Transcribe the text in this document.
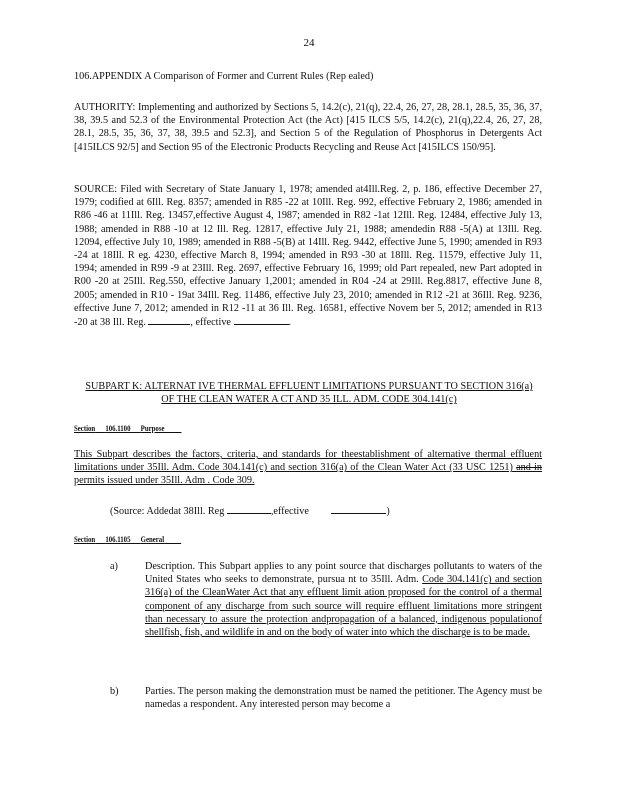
24
106.APPENDIX A Comparison of Former and Current Rules (Rep ealed)
AUTHORITY: Implementing and authorized by Sections 5, 14.2(c), 21(q), 22.4, 26, 27, 28, 28.1, 28.5, 35, 36, 37, 38, 39.5 and 52.3 of the Environmental Protection Act (the Act) [415 ILCS 5/5, 14.2(c), 21(q),22.4, 26, 27, 28, 28.1, 28.5, 35, 36, 37, 38, 39.5 and 52.3], and Section 5 of the Regulation of Phosphorus in Detergents Act [415ILCS 92/5] and Section 95 of the Electronic Products Recycling and Reuse Act [415ILCS 150/95].
SOURCE: Filed with Secretary of State January 1, 1978; amended at4Ill.Reg. 2, p. 186, effective December 27, 1979; codified at 6Ill. Reg. 8357; amended in R85 -22 at 10Ill. Reg. 992, effective February 2, 1986; amended in R86 -46 at 11Ill. Reg. 13457,effective August 4, 1987; amended in R82 -1at 12Ill. Reg. 12484, effective July 13, 1988; amended in R88 -10 at 12 Ill. Reg. 12817, effective July 21, 1988; amendedin R88 -5(A) at 13Ill. Reg. 12094, effective July 10, 1989; amended in R88 -5(B) at 14Ill. Reg. 9442, effective June 5, 1990; amended in R93 -24 at 18Ill. R eg. 4230, effective March 8, 1994; amended in R93 -30 at 18Ill. Reg. 11579, effective July 11, 1994; amended in R99 -9 at 23Ill. Reg. 2697, effective February 16, 1999; old Part repealed, new Part adopted in R00 -20 at 25Ill. Reg.550, effective January 1,2001; amended in R04 -24 at 29Ill. Reg.8817, effective June 8, 2005; amended in R10 - 19at 34Ill. Reg. 11486, effective July 23, 2010; amended in R12 -21 at 36Ill. Reg. 9236, effective June 7, 2012; amended in R12 -11 at 36 Ill. Reg. 16581, effective Novem ber 5, 2012; amended in R13 -20 at 38 Ill. Reg.	, effective	.
SUBPART K: ALTERNAT IVE THERMAL EFFLUENT LIMITATIONS PURSUANT TO SECTION 316(a) OF THE CLEAN WATER A CT AND 35 ILL. ADM. CODE 304.141(c)
Section 106.1100 Purpose
This Subpart describes the factors, criteria, and standards for theestablishment of alternative thermal effluent limitations under 35Ill. Adm. Code 304.141(c) and section 316(a) of the Clean Water Act (33 USC 1251) and in permits issued under 35Ill. Adm . Code 309.
(Source: Addedat 38Ill. Reg	,effective	)
Section 106.1105 General
a)	Description. This Subpart applies to any point source that discharges pollutants to waters of the United States who seeks to demonstrate, pursua nt to 35Ill. Adm. Code 304.141(c) and section 316(a) of the CleanWater Act that any effluent limit ation proposed for the control of a thermal component of any discharge from such source will require effluent limitations more stringent than necessary to assure the protection andpropagation of a balanced, indigenous populationof shellfish, fish, and wildlife in and on the body of water into which the discharge is to be made.
b)	Parties. The person making the demonstration must be named the petitioner. The Agency must be namedas a respondent. Any interested person may become a
